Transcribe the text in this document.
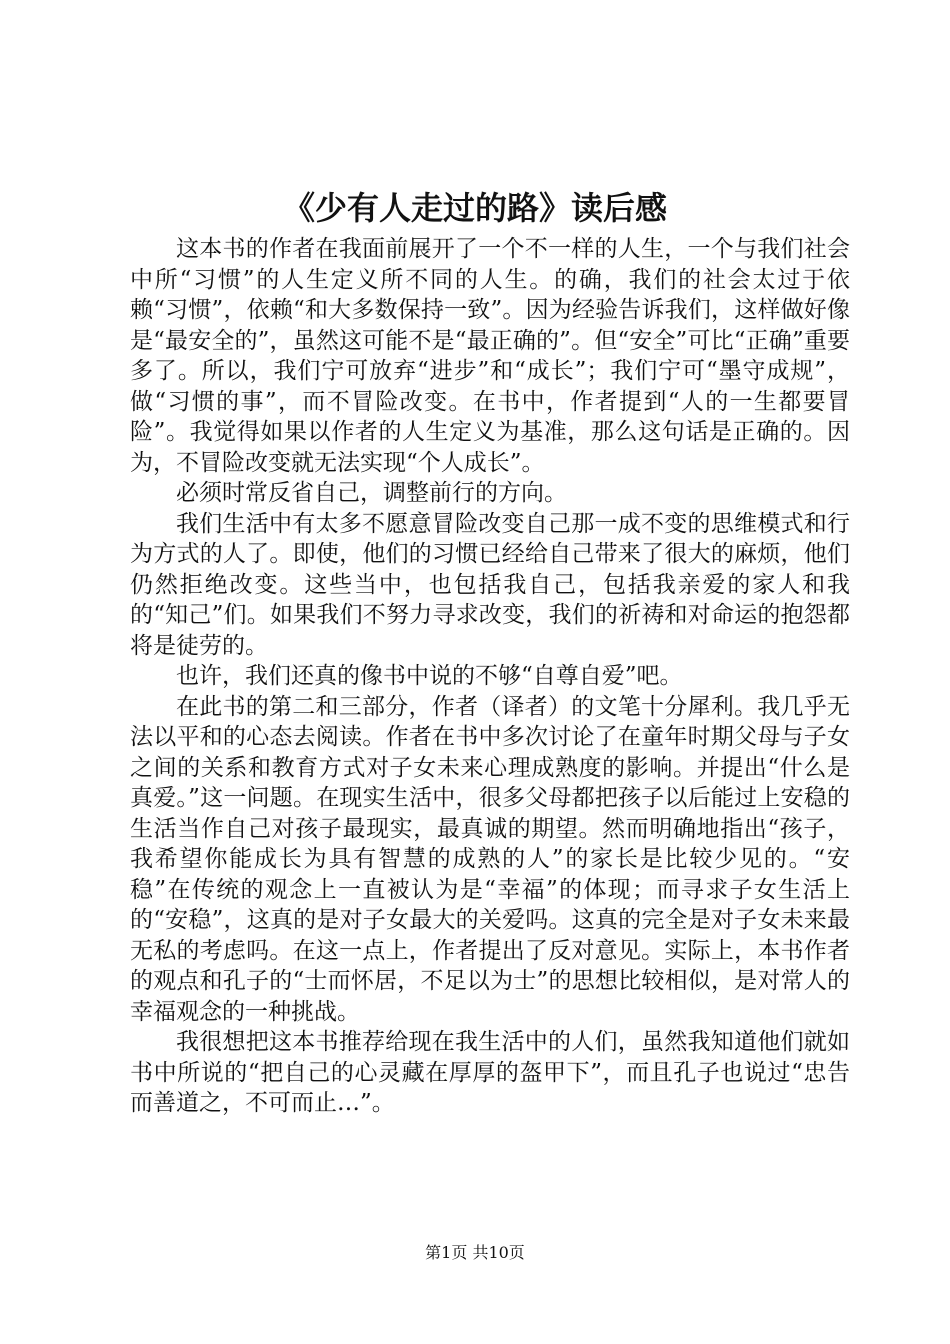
《少有人走过的路》读后感

这本书的作者在我面前展开了一个不一样的人生，一个与我们社会中所“习惯”的人生定义所不同的人生。的确，我们的社会太过于依赖“习惯”，依赖“和大多数保持一致”。因为经验告诉我们，这样做好像是“最安全的”，虽然这可能不是“最正确的”。但“安全”可比“正确”重要多了。所以，我们宁可放弃“进步”和“成长”；我们宁可“墨守成规”，做“习惯的事”，而不冒险改变。在书中，作者提到“人的一生都要冒险”。我觉得如果以作者的人生定义为基准，那么这句话是正确的。因为，不冒险改变就无法实现“个人成长”。

必须时常反省自己，调整前行的方向。

我们生活中有太多不愿意冒险改变自己那一成不变的思维模式和行为方式的人了。即使，他们的习惯已经给自己带来了很大的麻烦，他们仍然拒绝改变。这些当中，也包括我自己，包括我亲爱的家人和我的“知己”们。如果我们不努力寻求改变，我们的祈祷和对命运的抱怨都将是徒劳的。

也许，我们还真的像书中说的不够“自尊自爱”吧。

在此书的第二和三部分，作者（译者）的文笔十分犀利。我几乎无法以平和的心态去阅读。作者在书中多次讨论了在童年时期父母与子女之间的关系和教育方式对子女未来心理成熟度的影响。并提出“什么是真爱。”这一问题。在现实生活中，很多父母都把孩子以后能过上安稳的生活当作自己对孩子最现实，最真诚的期望。然而明确地指出“孩子，我希望你能成长为具有智慧的成熟的人”的家长是比较少见的。“安稳”在传统的观念上一直被认为是“幸福”的体现；而寻求子女生活上的“安稳”，这真的是对子女最大的关爱吗。这真的完全是对子女未来最无私的考虑吗。在这一点上，作者提出了反对意见。实际上，本书作者的观点和孔子的“士而怀居，不足以为士”的思想比较相似，是对常人的幸福观念的一种挑战。

我很想把这本书推荐给现在我生活中的人们，虽然我知道他们就如书中所说的“把自己的心灵藏在厚厚的盔甲下”，而且孔子也说过“忠告而善道之，不可而止…”。

第1页 共10页
